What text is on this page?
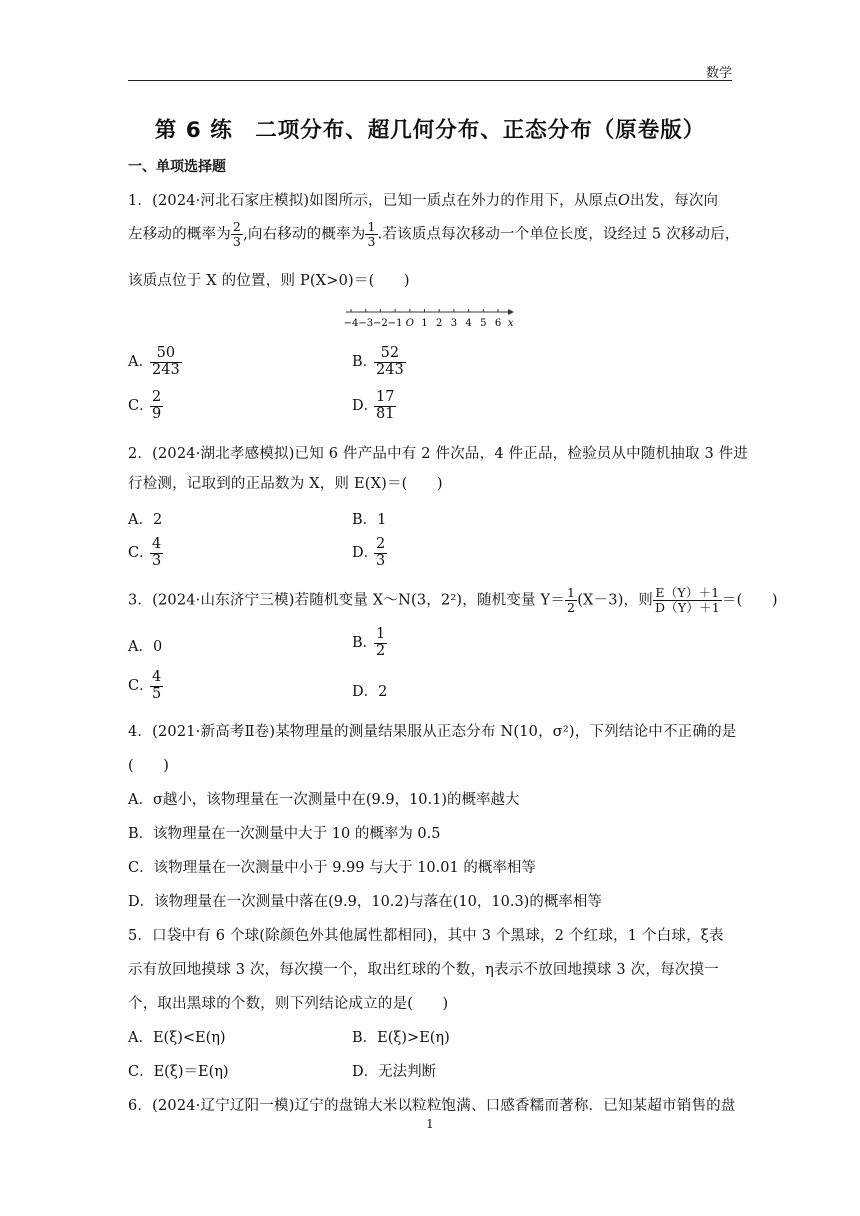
数学
第 6 练　二项分布、超几何分布、正态分布（原卷版）
一、单项选择题
1．(2024·河北石家庄模拟)如图所示，已知一质点在外力的作用下，从原点O出发，每次向
左移动的概率为 $\frac{2}{3}$ ,向右移动的概率为 $\frac{1}{3}$ .若该质点每次移动一个单位长度，设经过 5 次移动后，
该质点位于 X 的位置，则 P(X>0)＝(　　)
−4 −3 −2 −1 O 1 2 3 4 5 6 x
A．
$\frac{50}{243}$	B．
$\frac{52}{243}$
C．
$\frac{2}{9}$	D．
$\frac{17}{81}$
2．(2024·湖北孝感模拟)已知 6 件产品中有 2 件次品，4 件正品，检验员从中随机抽取 3 件进
行检测，记取到的正品数为 X，则 E(X)＝(　　)
A．2	B．1
C．
$\frac{4}{3}$	D．
$\frac{2}{3}$
3．(2024·山东济宁三模)若随机变量 X～N(3，2²)，随机变量 $Y= \frac{1}{2} (X-3)$，则 $\frac{E(Y)+1}{D(Y)+1}$ ＝(　　)
A．0	B．
$\frac{1}{2}$
C．
$\frac{4}{5}$	D．2
4．(2021·新高考Ⅱ卷)某物理量的测量结果服从正态分布 N(10，σ²)，下列结论中不正确的是
(　　)
A．σ越小，该物理量在一次测量中在(9.9，10.1)的概率越大
B．该物理量在一次测量中大于 10 的概率为 0.5
C．该物理量在一次测量中小于 9.99 与大于 10.01 的概率相等
D．该物理量在一次测量中落在(9.9，10.2)与落在(10，10.3)的概率相等
5．口袋中有 6 个球(除颜色外其他属性都相同)，其中 3 个黑球，2 个红球，1 个白球，ξ表
示有放回地摸球 3 次，每次摸一个，取出红球的个数，η表示不放回地摸球 3 次，每次摸一
个，取出黑球的个数，则下列结论成立的是(　　)
A．E(ξ)<E(η)	B．E(ξ)>E(η)
C．E(ξ)＝E(η)	D．无法判断
6．(2024·辽宁辽阳一模)辽宁的盘锦大米以粒粒饱满、口感香糯而著称．已知某超市销售的盘
1
